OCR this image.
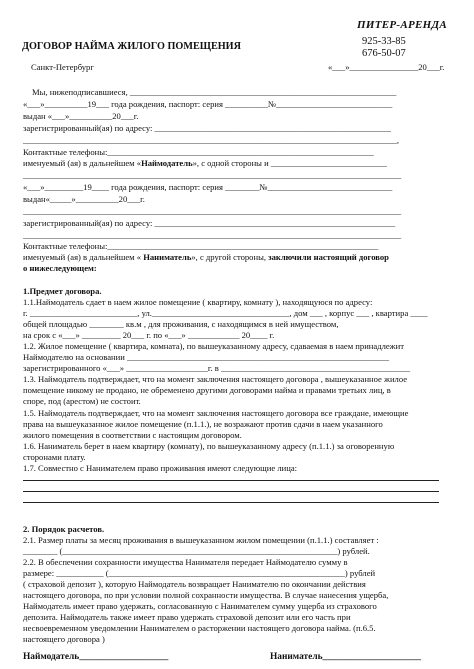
ПИТЕР-АРЕНДА
925-33-85
676-50-07
ДОГОВОР НАЙМА ЖИЛОГО ПОМЕЩЕНИЯ
Санкт-Петербург	«___»________________20___г.
Мы, нижеподписавшиеся, ______________________________________________________________
«___»__________19___ года рождения, паспорт: серия __________№___________________________
выдан «___»__________20___г.
зарегистрированный(ая) по адресу: _______________________________________________________
_______________________________________________________________________________________,
Контактные телефоны:______________________________________________________________
именуемый (ая) в дальнейшем «Наймодатель», с одной стороны и ___________________________
________________________________________________________________________________________
«___»_________19____ года рождения, паспорт: серия ________№_____________________________
выдан«_____»__________20___г.
________________________________________________________________________________________
зарегистрированный(ая) по адресу: ________________________________________________________
________________________________________________________________________________________
Контактные телефоны:_______________________________________________________________
именуемый (ая) в дальнейшем « Наниматель», с другой стороны, заключили настоящий договор
о нижеследующем:
1.Предмет договора.
1.1.Наймодатель сдает в наем жилое помещение ( квартиру, комнату ), находящуюся по адресу:
г. _________________________, ул.________________________________, дом ___ , корпус ___ , квартира ____
общей площадью ________ кв.м , для проживания, с находящимся в ней имуществом,
на срок с «___» _________ 20___ г. по «___» ____________ 20____ г.
1.2. Жилое помещение ( квартира, комната), по вышеуказанному адресу, сдаваемая в наем принадлежит
Наймодателю на основании _____________________________________________________________
зарегистрированного «___» ___________________г. в ____________________________________________
1.3. Наймодатель подтверждает, что на момент заключения настоящего договора , вышеуказанное жилое
помещение никому не продано, не обременено другими договорами найма и правами третьих лиц, в
споре, под (арестом) не состоит.
1.5. Наймодатель подтверждает, что на момент заключения настоящего договора все граждане, имеющие
права на вышеуказанное жилое помещение (п.1.1.), не возражают против сдачи в наем указанного
жилого помещения в соответствии с настоящим договором.
1.6. Наниматель берет в наем квартиру (комнату), по вышеуказанному адресу (п.1.1.) за оговоренную
сторонами плату.
1.7. Совместно с Нанимателем право проживания имеют следующие лица:
2. Порядок расчетов.
2.1. Размер платы за месяц проживания в вышеуказанном жилом помещении (п.1.1.) составляет :
________ (________________________________________________________________) рублей.
2.2. В обеспечении сохранности имущества Нанимателя передает Наймодателю сумму в
размере: ___________ (_______________________________________________________) рублей
( страховой депозит ), которую Наймодатель возвращает Нанимателю по окончании действия
настоящего договора, по при условии полной сохранности имущества. В случае нанесения ущерба,
Наймодатель имеет право удержать, согласованную с Нанимателем сумму ущерба из страхового
депозита. Наймодатель также имеет право удержать страховой депозит или его часть при
несвоевременном уведомлении Нанимателем о расторжении настоящего договора найма. (п.6.5.
настоящего договора )
Наймодатель___________________	Наниматель_____________________
